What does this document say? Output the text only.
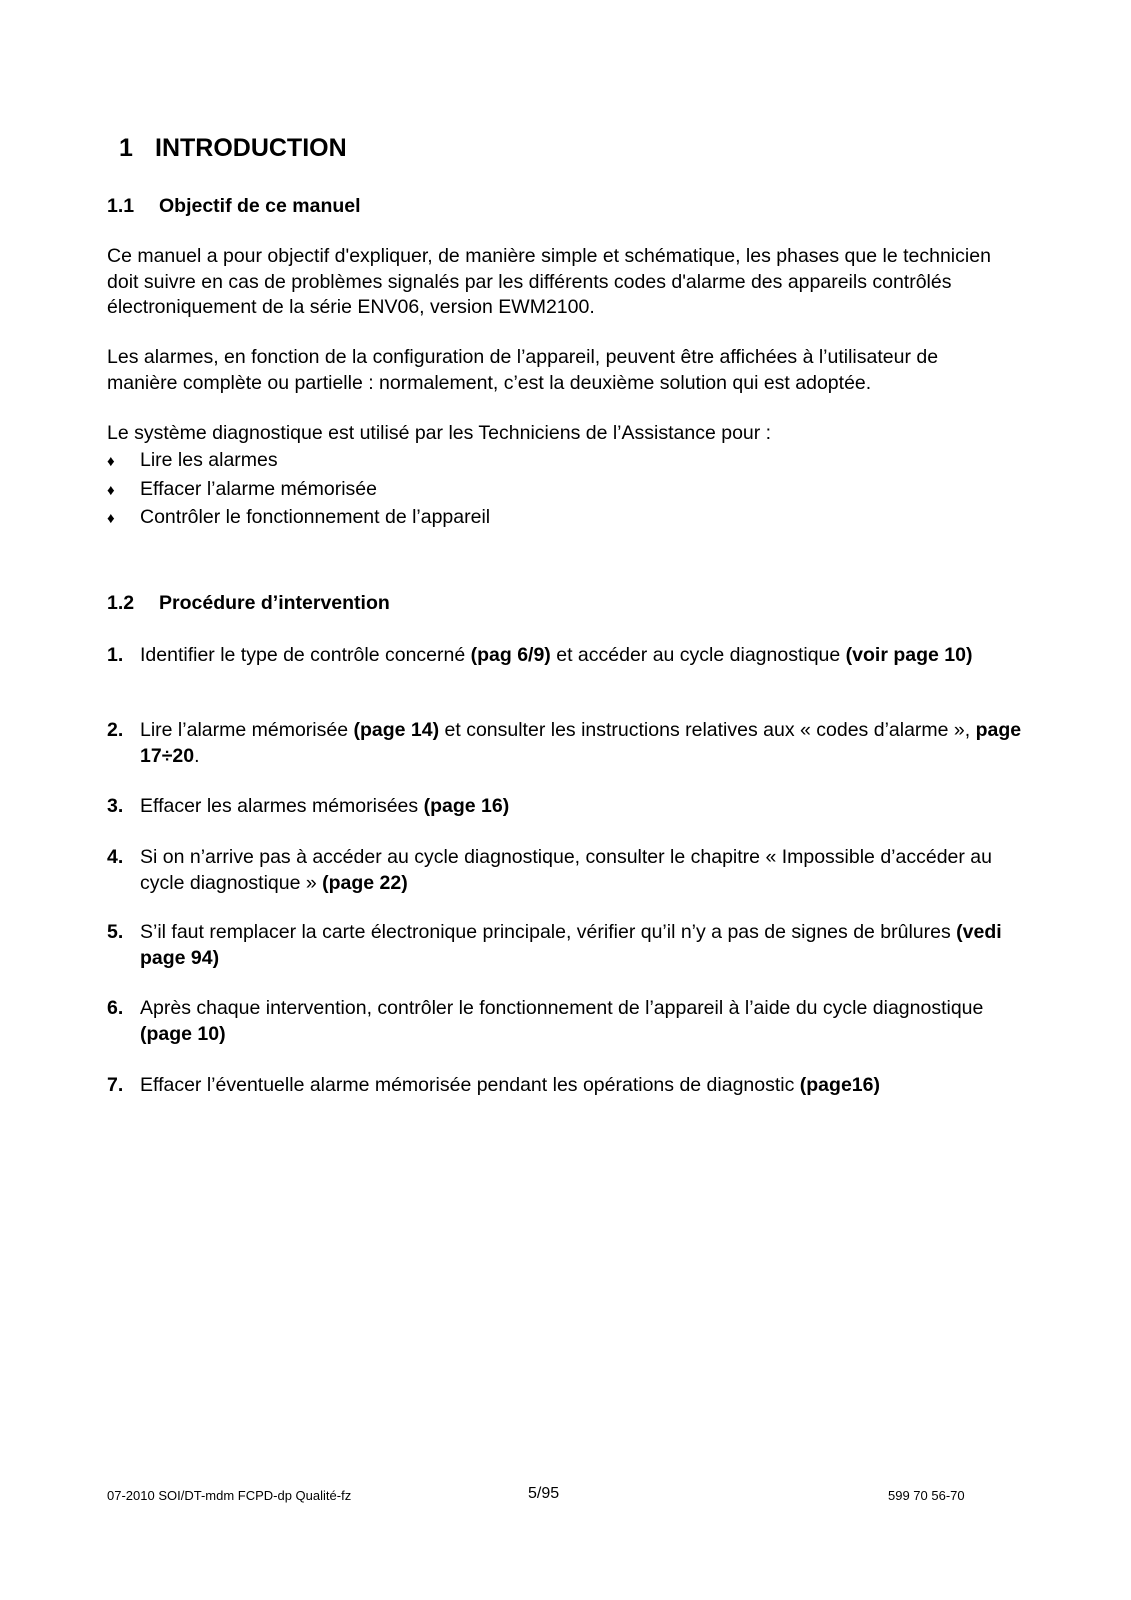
1 INTRODUCTION
1.1 Objectif de ce manuel
Ce manuel a pour objectif d'expliquer, de manière simple et schématique, les phases que le technicien doit suivre en cas de problèmes signalés par les différents codes d'alarme des appareils contrôlés électroniquement de la série ENV06, version EWM2100.
Les alarmes, en fonction de la configuration de l’appareil, peuvent être affichées à l’utilisateur de manière complète ou partielle : normalement, c’est la deuxième solution qui est adoptée.
Le système diagnostique est utilisé par les Techniciens de l’Assistance pour :
♦ Lire les alarmes
♦ Effacer l’alarme mémorisée
♦ Contrôler le fonctionnement de l’appareil
1.2 Procédure d’intervention
1. Identifier le type de contrôle concerné (pag 6/9) et accéder au cycle diagnostique (voir page 10)
2. Lire l’alarme mémorisée (page 14) et consulter les instructions relatives aux « codes d’alarme », page 17÷20.
3. Effacer les alarmes mémorisées (page 16)
4. Si on n’arrive pas à accéder au cycle diagnostique, consulter le chapitre « Impossible d’accéder au cycle diagnostique » (page 22)
5. S’il faut remplacer la carte électronique principale, vérifier qu’il n’y a pas de signes de brûlures (vedi page 94)
6. Après chaque intervention, contrôler le fonctionnement de l’appareil à l’aide du cycle diagnostique (page 10)
7. Effacer l’éventuelle alarme mémorisée pendant les opérations de diagnostic (page16)
07-2010 SOI/DT-mdm FCPD-dp Qualité-fz	5/95	599 70 56-70
